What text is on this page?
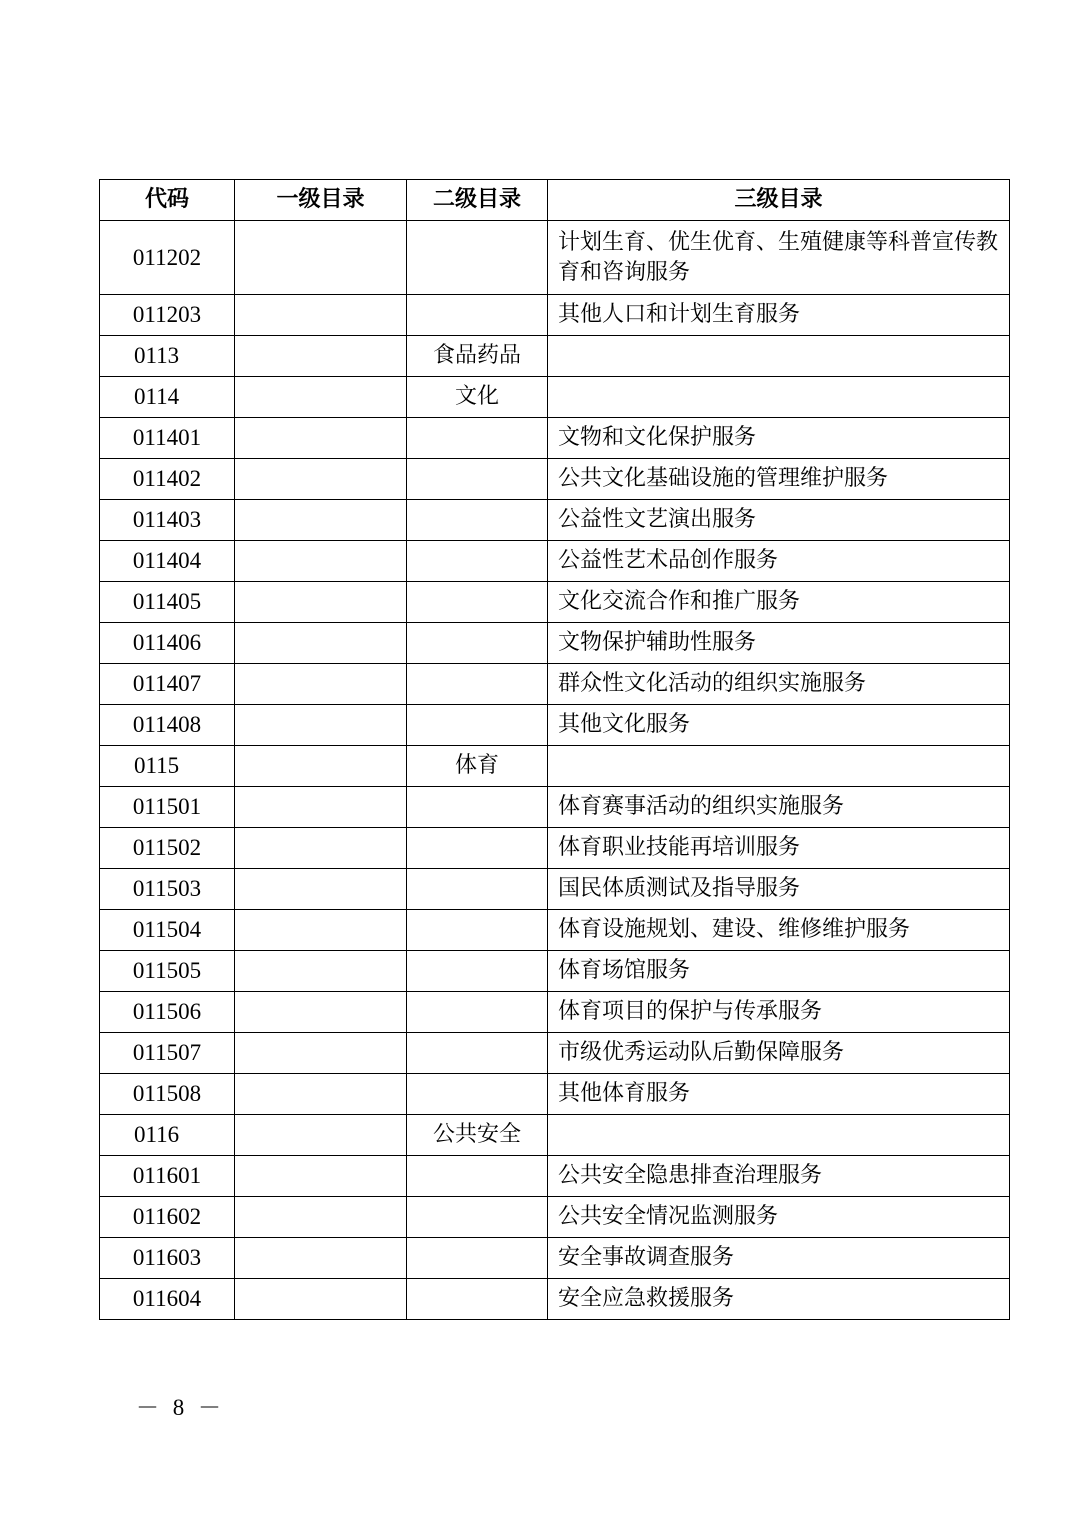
代码	一级目录	二级目录	三级目录
011202			计划生育、优生优育、生殖健康等科普宣传教育和咨询服务
011203			其他人口和计划生育服务
0113		食品药品	
0114		文化	
011401			文物和文化保护服务
011402			公共文化基础设施的管理维护服务
011403			公益性文艺演出服务
011404			公益性艺术品创作服务
011405			文化交流合作和推广服务
011406			文物保护辅助性服务
011407			群众性文化活动的组织实施服务
011408			其他文化服务
0115		体育	
011501			体育赛事活动的组织实施服务
011502			体育职业技能再培训服务
011503			国民体质测试及指导服务
011504			体育设施规划、建设、维修维护服务
011505			体育场馆服务
011506			体育项目的保护与传承服务
011507			市级优秀运动队后勤保障服务
011508			其他体育服务
0116		公共安全	
011601			公共安全隐患排查治理服务
011602			公共安全情况监测服务
011603			安全事故调查服务
011604			安全应急救援服务
－ 8 －
